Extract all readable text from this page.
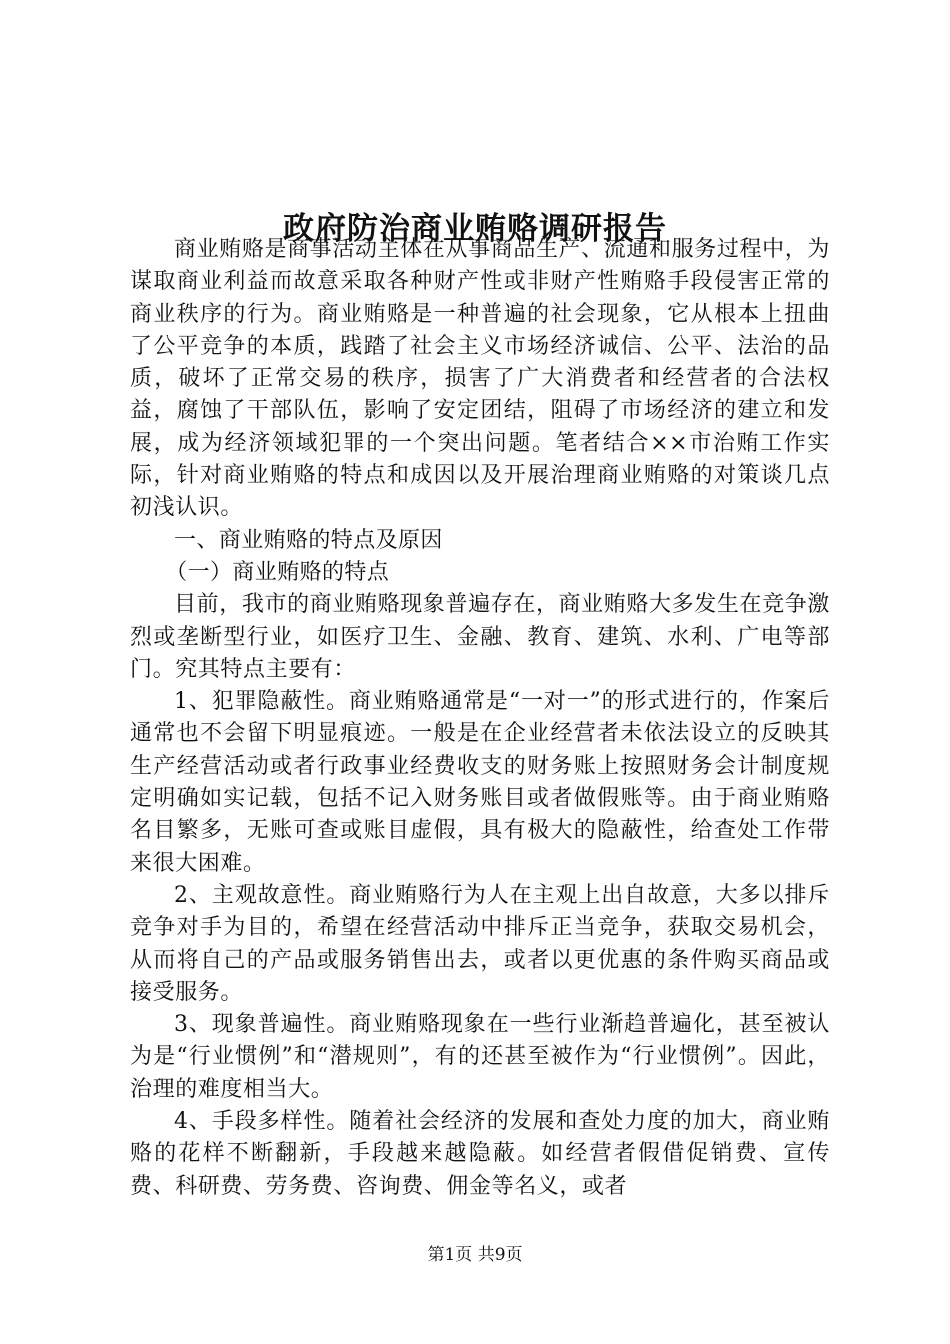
政府防治商业贿赂调研报告

商业贿赂是商事活动主体在从事商品生产、流通和服务过程中，为谋取商业利益而故意采取各种财产性或非财产性贿赂手段侵害正常的商业秩序的行为。商业贿赂是一种普遍的社会现象，它从根本上扭曲了公平竞争的本质，践踏了社会主义市场经济诚信、公平、法治的品质，破坏了正常交易的秩序，损害了广大消费者和经营者的合法权益，腐蚀了干部队伍，影响了安定团结，阻碍了市场经济的建立和发展，成为经济领域犯罪的一个突出问题。笔者结合××市治贿工作实际，针对商业贿赂的特点和成因以及开展治理商业贿赂的对策谈几点初浅认识。

一、商业贿赂的特点及原因

（一）商业贿赂的特点

目前，我市的商业贿赂现象普遍存在，商业贿赂大多发生在竞争激烈或垄断型行业，如医疗卫生、金融、教育、建筑、水利、广电等部门。究其特点主要有：

1、犯罪隐蔽性。商业贿赂通常是“一对一”的形式进行的，作案后通常也不会留下明显痕迹。一般是在企业经营者未依法设立的反映其生产经营活动或者行政事业经费收支的财务账上按照财务会计制度规定明确如实记载，包括不记入财务账目或者做假账等。由于商业贿赂名目繁多，无账可查或账目虚假，具有极大的隐蔽性，给查处工作带来很大困难。

2、主观故意性。商业贿赂行为人在主观上出自故意，大多以排斥竞争对手为目的，希望在经营活动中排斥正当竞争，获取交易机会，从而将自己的产品或服务销售出去，或者以更优惠的条件购买商品或接受服务。

3、现象普遍性。商业贿赂现象在一些行业渐趋普遍化，甚至被认为是“行业惯例”和“潜规则”，有的还甚至被作为“行业惯例”。因此，治理的难度相当大。

4、手段多样性。随着社会经济的发展和查处力度的加大，商业贿赂的花样不断翻新，手段越来越隐蔽。如经营者假借促销费、宣传费、科研费、劳务费、咨询费、佣金等名义，或者

第1页 共9页
